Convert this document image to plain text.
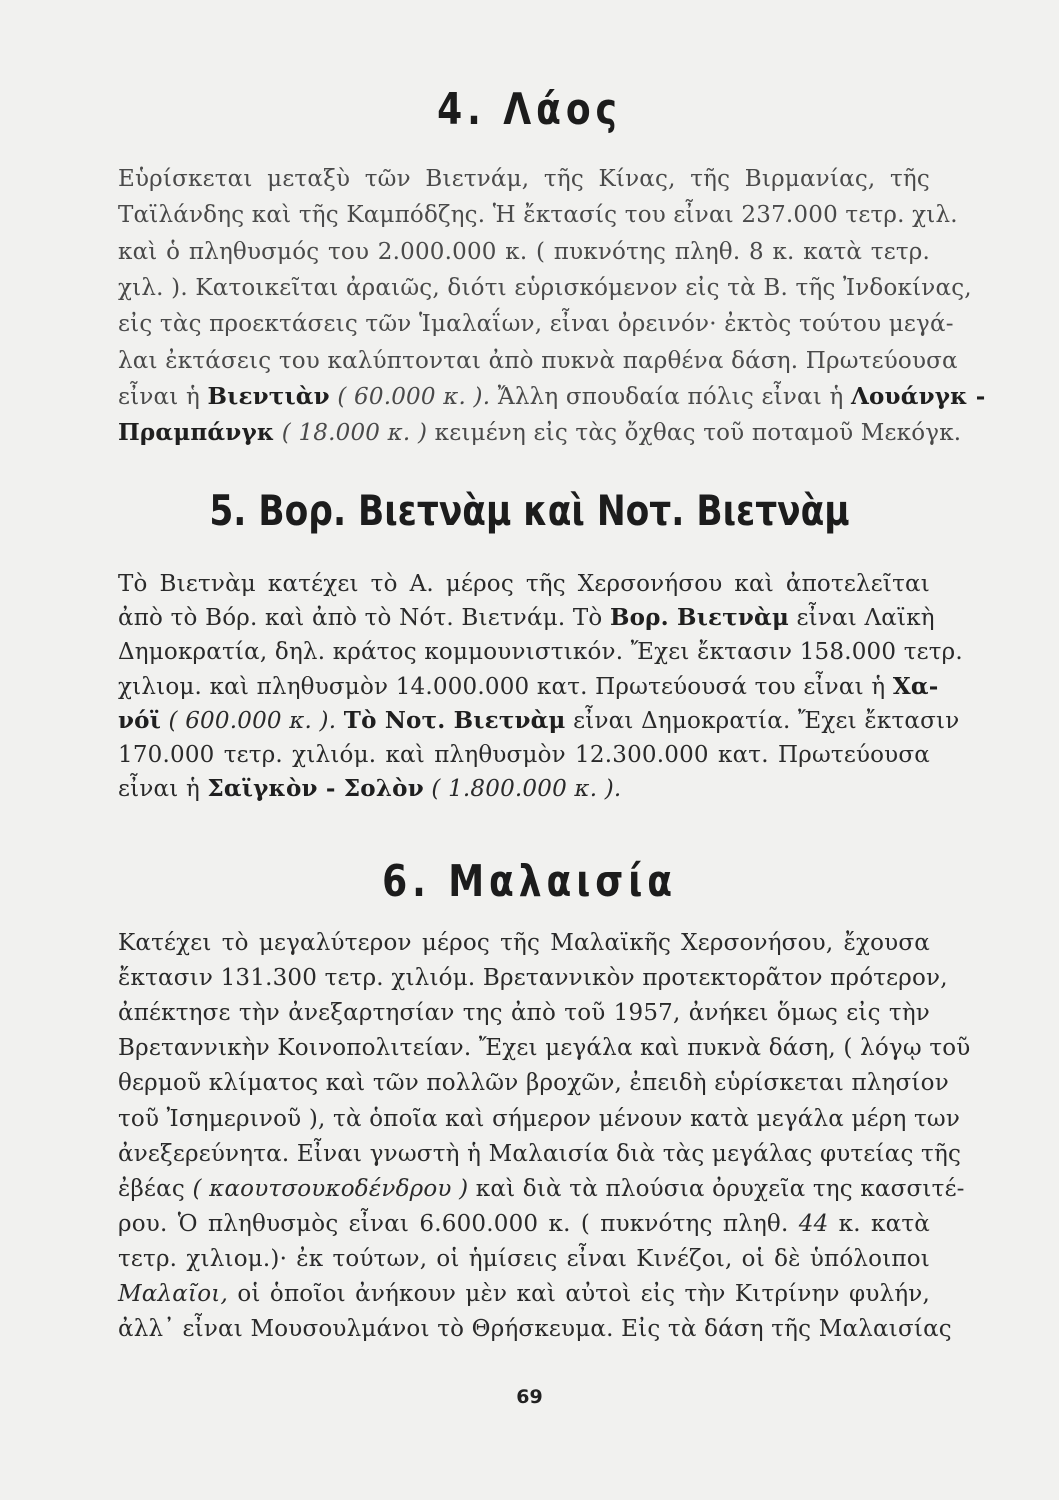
4. Λάος
Εὑρίσκεται μεταξὺ τῶν Βιετνάμ, τῆς Κίνας, τῆς Βιρμανίας, τῆς
Ταϊλάνδης καὶ τῆς Καμπόδζης. Ἡ ἔκτασίς του εἶναι 237.000 τετρ. χιλ.
καὶ ὁ πληθυσμός του 2.000.000 κ. ( πυκνότης πληθ. 8 κ. κατὰ τετρ.
χιλ. ). Κατοικεῖται ἀραιῶς, διότι εὑρισκόμενον εἰς τὰ Β. τῆς Ἰνδοκίνας,
εἰς τὰς προεκτάσεις τῶν Ἱμαλαΐων, εἶναι ὀρεινόν· ἐκτὸς τούτου μεγά-
λαι ἐκτάσεις του καλύπτονται ἀπὸ πυκνὰ παρθένα δάση. Πρωτεύουσα
εἶναι ἡ Βιεντιὰν ( 60.000 κ. ). Ἄλλη σπουδαία πόλις εἶναι ἡ Λουάνγκ -
Πραμπάνγκ ( 18.000 κ. ) κειμένη εἰς τὰς ὄχθας τοῦ ποταμοῦ Μεκόγκ.
5. Βορ. Βιετνὰμ καὶ Νοτ. Βιετνὰμ
Τὸ Βιετνὰμ κατέχει τὸ Α. μέρος τῆς Χερσονήσου καὶ ἀποτελεῖται
ἀπὸ τὸ Βόρ. καὶ ἀπὸ τὸ Νότ. Βιετνάμ. Τὸ Βορ. Βιετνὰμ εἶναι Λαϊκὴ
Δημοκρατία, δηλ. κράτος κομμουνιστικόν. Ἔχει ἔκτασιν 158.000 τετρ.
χιλιομ. καὶ πληθυσμὸν 14.000.000 κατ. Πρωτεύουσά του εἶναι ἡ Χα-
νόϊ ( 600.000 κ. ). Τὸ Νοτ. Βιετνὰμ εἶναι Δημοκρατία. Ἔχει ἔκτασιν
170.000 τετρ. χιλιόμ. καὶ πληθυσμὸν 12.300.000 κατ. Πρωτεύουσα
εἶναι ἡ Σαϊγκὸν - Σολὸν ( 1.800.000 κ. ).
6. Μαλαισία
Κατέχει τὸ μεγαλύτερον μέρος τῆς Μαλαϊκῆς Χερσονήσου, ἔχουσα
ἔκτασιν 131.300 τετρ. χιλιόμ. Βρεταννικὸν προτεκτορᾶτον πρότερον,
ἀπέκτησε τὴν ἀνεξαρτησίαν της ἀπὸ τοῦ 1957, ἀνήκει ὅμως εἰς τὴν
Βρεταννικὴν Κοινοπολιτείαν. Ἔχει μεγάλα καὶ πυκνὰ δάση, ( λόγῳ τοῦ
θερμοῦ κλίματος καὶ τῶν πολλῶν βροχῶν, ἐπειδὴ εὑρίσκεται πλησίον
τοῦ Ἰσημερινοῦ ), τὰ ὁποῖα καὶ σήμερον μένουν κατὰ μεγάλα μέρη των
ἀνεξερεύνητα. Εἶναι γνωστὴ ἡ Μαλαισία διὰ τὰς μεγάλας φυτείας τῆς
ἐβέας ( καουτσουκοδένδρου ) καὶ διὰ τὰ πλούσια ὀρυχεῖα της κασσιτέ-
ρου. Ὁ πληθυσμὸς εἶναι 6.600.000 κ. ( πυκνότης πληθ. 44 κ. κατὰ
τετρ. χιλιομ.)· ἐκ τούτων, οἱ ἡμίσεις εἶναι Κινέζοι, οἱ δὲ ὑπόλοιποι
Μαλαῖοι, οἱ ὁποῖοι ἀνήκουν μὲν καὶ αὐτοὶ εἰς τὴν Κιτρίνην φυλήν,
ἀλλ᾽ εἶναι Μουσουλμάνοι τὸ Θρήσκευμα. Εἰς τὰ δάση τῆς Μαλαισίας
69
